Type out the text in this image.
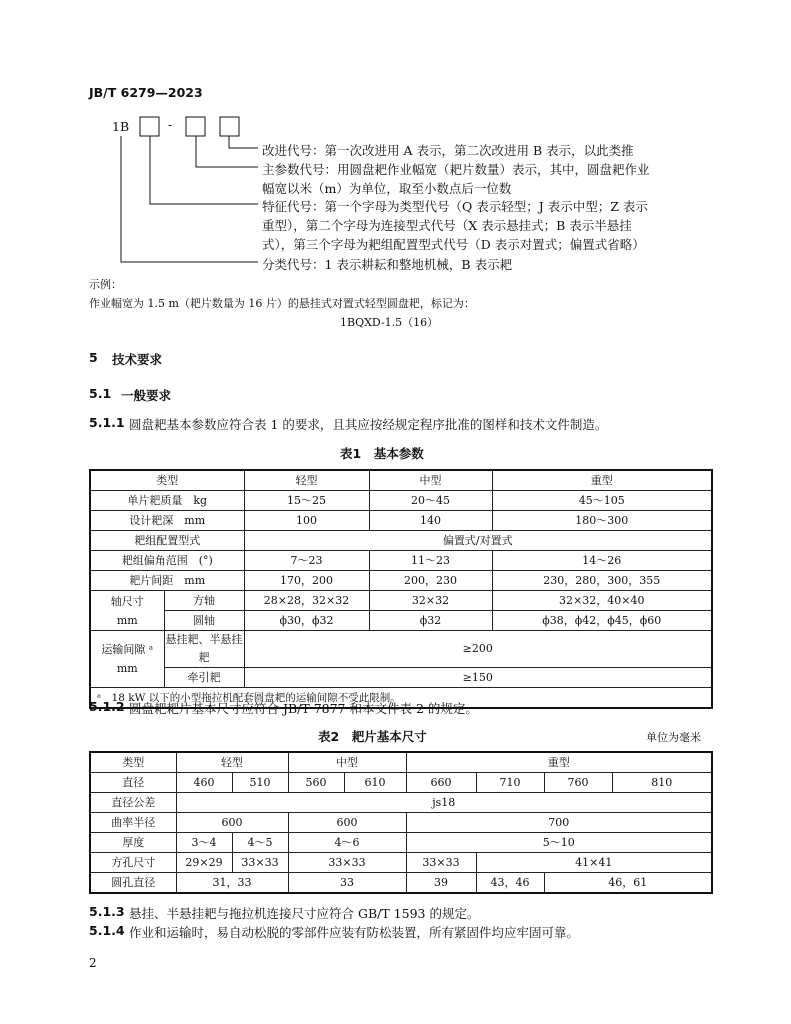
JB/T 6279—2023
1B	-
改进代号：第一次改进用 A 表示，第二次改进用 B 表示，以此类推
主参数代号：用圆盘耙作业幅宽（耙片数量）表示，其中，圆盘耙作业
幅宽以米（m）为单位，取至小数点后一位数
特征代号：第一个字母为类型代号（Q 表示轻型；J 表示中型；Z 表示
重型），第二个字母为连接型式代号（X 表示悬挂式；B 表示半悬挂
式），第三个字母为耙组配置型式代号（D 表示对置式；偏置式省略）
分类代号：1 表示耕耘和整地机械，B 表示耙
示例：
作业幅宽为 1.5 m（耙片数量为 16 片）的悬挂式对置式轻型圆盘耙，标记为：
1BQXD-1.5（16）
5 技术要求
5.1 一般要求
5.1.1 圆盘耙基本参数应符合表 1 的要求，且其应按经规定程序批准的图样和技术文件制造。
表1　基本参数
类型		轻型	中型	重型
单片耙质量　kg		15～25	20～45	45～105
设计耙深　mm		100	140	180～300
耙组配置型式		偏置式/对置式		
耙组偏角范围　(°)		7～23	11～23	14～26
耙片间距　mm		170，200	200，230	230，280，300，355

轴尺寸
mm	方轴	28×28，32×32	32×32	32×32，40×40
	圆轴	ϕ30，ϕ32	ϕ32	ϕ38，ϕ42，ϕ45，ϕ60

运输间隙 ᵃ
mm	悬挂耙、半悬挂耙	≥200		
	牵引耙	≥150		
ᵃ　18 kW 以下的小型拖拉机配套圆盘耙的运输间隙不受此限制。				
5.1.2 圆盘耙耙片基本尺寸应符合 JB/T 7877 和本文件表 2 的规定。
表2　耙片基本尺寸	单位为毫米
类型	轻型		中型		重型			
直径	460	510	560	610	660	710	760	810
直径公差	js18							
曲率半径	600		600		700			
厚度	3～4	4～5	4～6		5～10			
方孔尺寸	29×29	33×33	33×33		33×33	41×41		
圆孔直径	31，33		33		39	43，46	46，61	
5.1.3 悬挂、半悬挂耙与拖拉机连接尺寸应符合 GB/T 1593 的规定。
5.1.4 作业和运输时，易自动松脱的零部件应装有防松装置，所有紧固件均应牢固可靠。
2
